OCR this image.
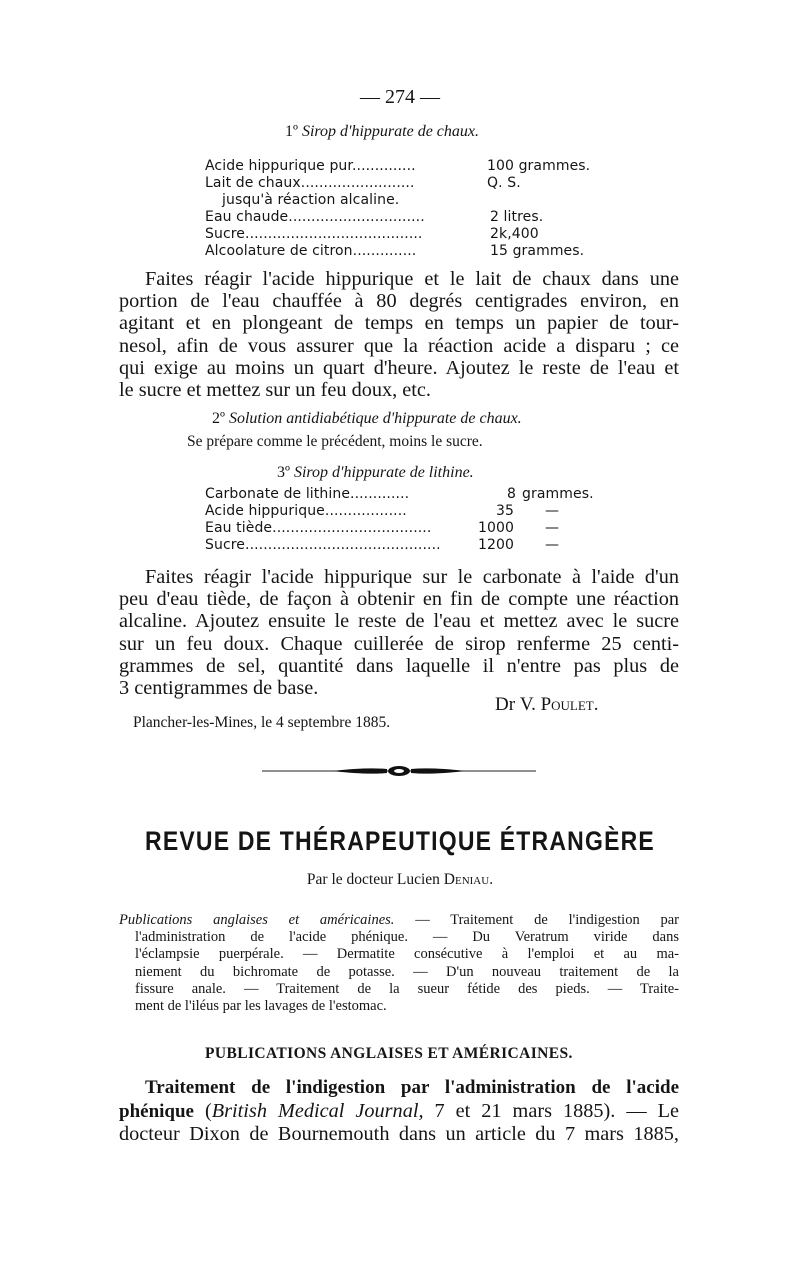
— 274 —
1º Sirop d'hippurate de chaux.
Acide hippurique pur..............	100 grammes.
Lait de chaux.........................	Q. S.
jusqu'à réaction alcaline.
Eau chaude..............................	2 litres.
Sucre.......................................	2k,400
Alcoolature de citron..............	15 grammes.
Faites réagir l'acide hippurique et le lait de chaux dans une
portion de l'eau chauffée à 80 degrés centigrades environ, en
agitant et en plongeant de temps en temps un papier de tour-
nesol, afin de vous assurer que la réaction acide a disparu ; ce
qui exige au moins un quart d'heure. Ajoutez le reste de l'eau et
le sucre et mettez sur un feu doux, etc.
2º Solution antidiabétique d'hippurate de chaux.
Se prépare comme le précédent, moins le sucre.
3º Sirop d'hippurate de lithine.
Carbonate de lithine.............	8 grammes.
Acide hippurique..................	35 —
Eau tiède...................................	1000 —
Sucre...........................................	1200 —
Faites réagir l'acide hippurique sur le carbonate à l'aide d'un
peu d'eau tiède, de façon à obtenir en fin de compte une réaction
alcaline. Ajoutez ensuite le reste de l'eau et mettez avec le sucre
sur un feu doux. Chaque cuillerée de sirop renferme 25 centi-
grammes de sel, quantité dans laquelle il n'entre pas plus de
3 centigrammes de base.
Dr V. Poulet.
Plancher-les-Mines, le 4 septembre 1885.
REVUE DE THÉRAPEUTIQUE ÉTRANGÈRE
Par le docteur Lucien Deniau.
Publications anglaises et américaines. — Traitement de l'indigestion par
l'administration de l'acide phénique. — Du Veratrum viride dans
l'éclampsie puerpérale. — Dermatite consécutive à l'emploi et au ma-
niement du bichromate de potasse. — D'un nouveau traitement de la
fissure anale. — Traitement de la sueur fétide des pieds. — Traite-
ment de l'iléus par les lavages de l'estomac.
PUBLICATIONS ANGLAISES ET AMÉRICAINES.
Traitement de l'indigestion par l'administration de l'acide
phénique (British Medical Journal, 7 et 21 mars 1885). — Le
docteur Dixon de Bournemouth dans un article du 7 mars 1885,
